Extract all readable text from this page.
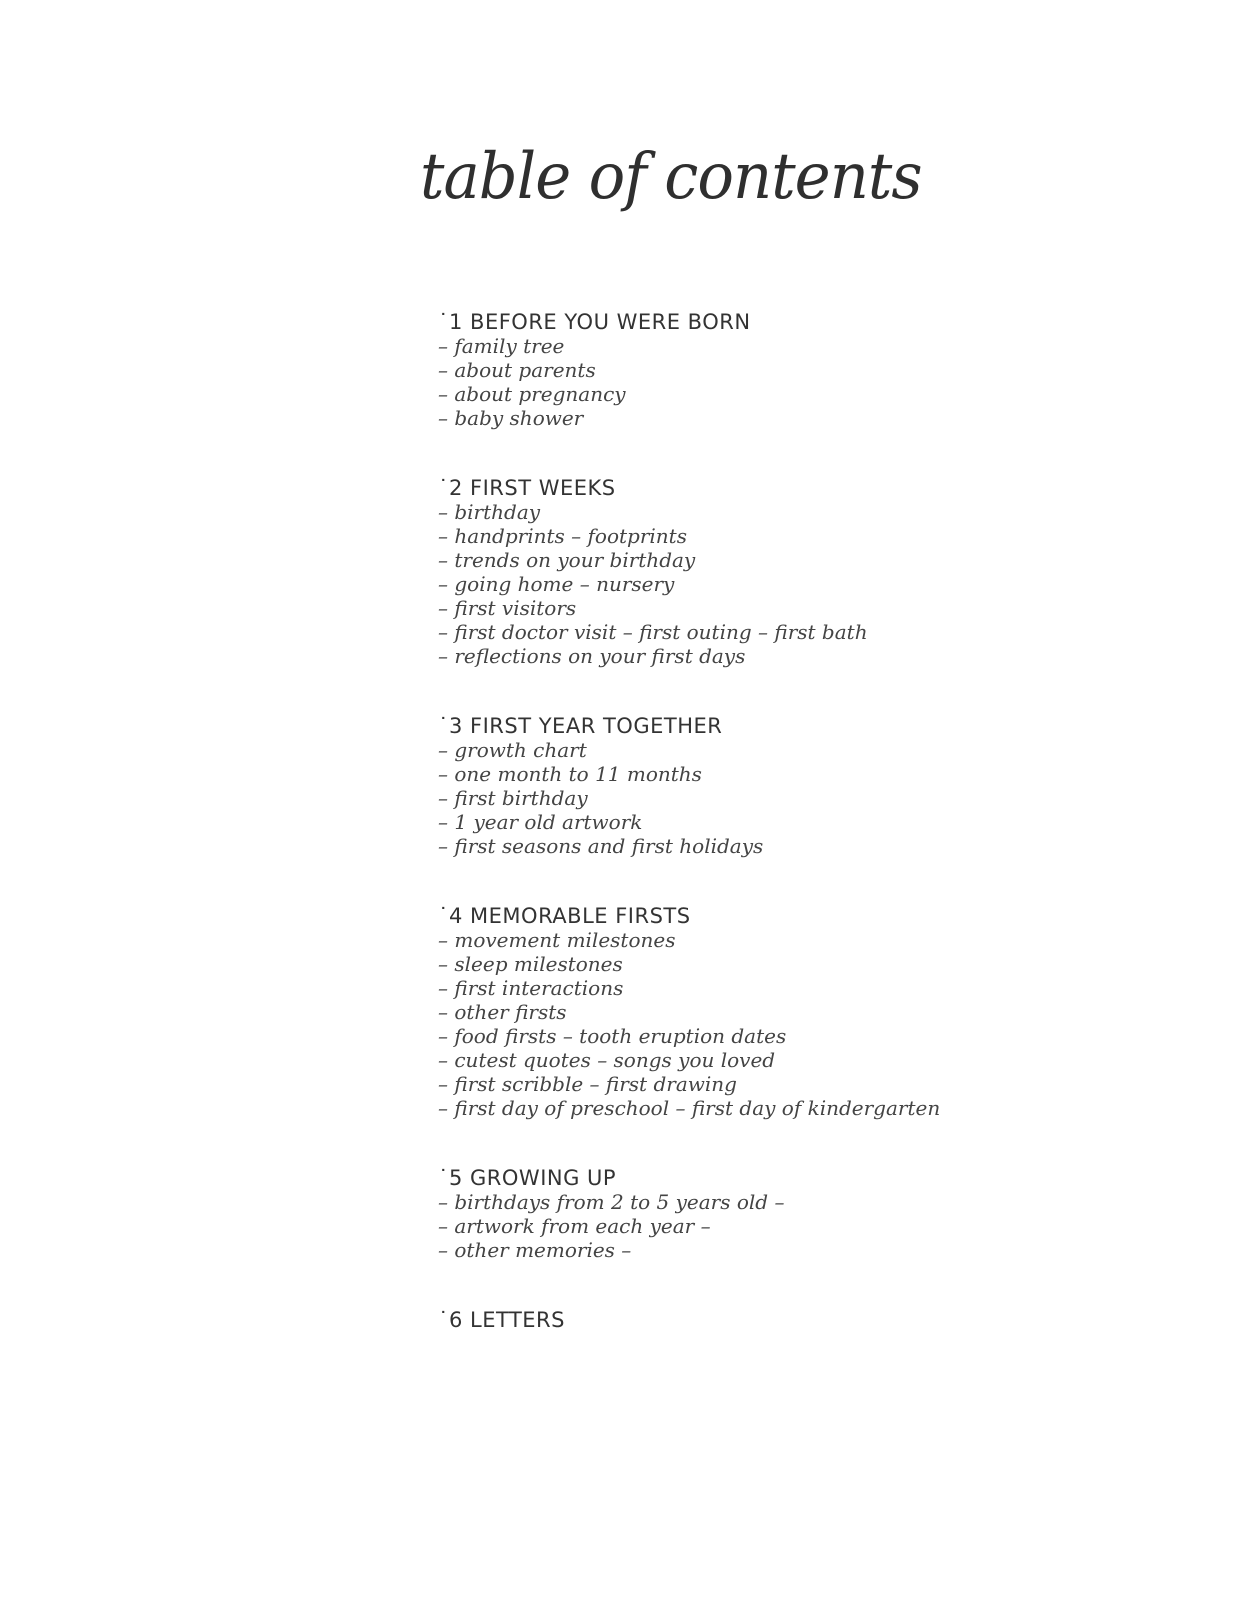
table of contents
˙1 BEFORE YOU WERE BORN
– family tree
– about parents
– about pregnancy
– baby shower
˙2 FIRST WEEKS
– birthday
– handprints – footprints
– trends on your birthday
– going home – nursery
– first visitors
– first doctor visit – first outing – first bath
– reflections on your first days
˙3 FIRST YEAR TOGETHER
– growth chart
– one month to 11 months
– first birthday
– 1 year old artwork
– first seasons and first holidays
˙4 MEMORABLE FIRSTS
– movement milestones
– sleep milestones
– first interactions
– other firsts
– food firsts – tooth eruption dates
– cutest quotes – songs you loved
– first scribble – first drawing
– first day of preschool – first day of kindergarten
˙5 GROWING UP
– birthdays from 2 to 5 years old –
– artwork from each year –
– other memories –
˙6 LETTERS
